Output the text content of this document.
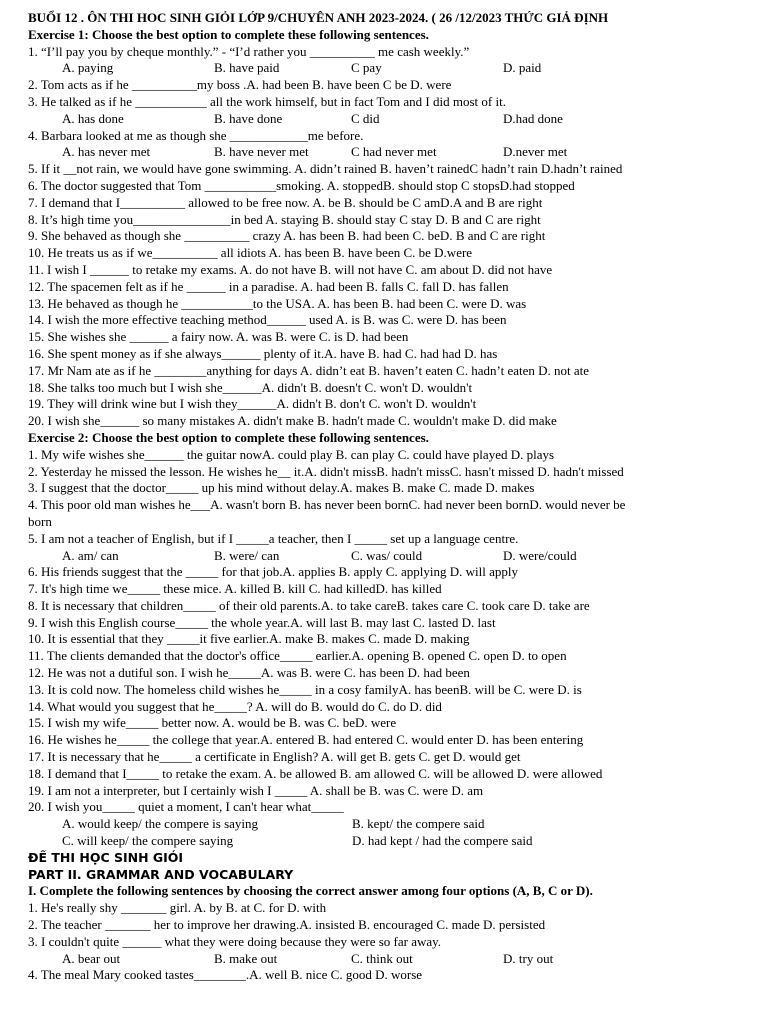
BUỔI 12 . ÔN THI HOC SINH GIỎI LỚP 9/CHUYÊN ANH 2023-2024. ( 26 /12/2023 THỨC GIẢ ĐỊNH
Exercise 1: Choose the best option to complete these following sentences.
1. “I’ll pay you by cheque monthly.” - “I’d rather you __________ me cash weekly.”
A. paying	B. have paid	C pay	D. paid
2. Tom acts as if he __________my boss .A. had been B. have been C be D. were
3. He talked as if he ___________ all the work himself, but in fact Tom and I did most of it.
A. has done	B. have done	C did	D.had done
4. Barbara looked at me as though she ____________me before.
A. has never met	B. have never met	C had never met	D.never met
5. If it __not rain, we would have gone swimming. A. didn’t rained B. haven’t rainedC hadn’t rain D.hadn’t rained
6. The doctor suggested that Tom ___________smoking. A. stoppedB. should stop C stopsD.had stopped
7. I demand that I__________ allowed to be free now. A. be B. should be C amD.A and B are right
8. It’s high time you_______________in bed A. staying B. should stay C stay D. B and C are right
9. She behaved as though she __________ crazy A. has been B. had been C. beD. B and C are right
10. He treats us as if we__________ all idiots A. has been B. have been C. be D.were
11. I wish I ______ to retake my exams. A. do not have B. will not have C. am about D. did not have
12. The spacemen felt as if he ______ in a paradise. A. had been B. falls C. fall D. has fallen
13. He behaved as though he ___________to the USA. A. has been B. had been C. were D. was
14. I wish the more effective teaching method______ used A. is B. was C. were D. has been
15. She wishes she ______ a fairy now. A. was B. were C. is D. had been
16. She spent money as if she always______ plenty of it.A. have B. had C. had had D. has
17. Mr Nam ate as if he ________anything for days A. didn’t eat B. haven’t eaten C. hadn’t eaten D. not ate
18. She talks too much but I wish she______A. didn't B. doesn't C. won't D. wouldn't
19. They will drink wine but I wish they______A. didn't B. don't C. won't D. wouldn't
20. I wish she______ so many mistakes A. didn't make B. hadn't made C. wouldn't make D. did make
Exercise 2: Choose the best option to complete these following sentences.
1. My wife wishes she______ the guitar nowA. could play B. can play C. could have played D. plays
2. Yesterday he missed the lesson. He wishes he__ it.A. didn't missB. hadn't missC. hasn't missed D. hadn't missed
3. I suggest that the doctor_____ up his mind without delay.A. makes B. make C. made D. makes
4. This poor old man wishes he___A. wasn't born B. has never been bornC. had never been bornD. would never be
born
5. I am not a teacher of English, but if I _____a teacher, then I _____ set up a language centre.
A. am/ can	B. were/ can	C. was/ could	D. were/could
6. His friends suggest that the _____ for that job.A. applies B. apply C. applying D. will apply
7. It's high time we_____ these mice. A. killed B. kill C. had killedD. has killed
8. It is necessary that children_____ of their old parents.A. to take careB. takes care C. took care D. take are
9. I wish this English course_____ the whole year.A. will last B. may last C. lasted D. last
10. It is essential that they _____it five earlier.A. make B. makes C. made D. making
11. The clients demanded that the doctor's office_____ earlier.A. opening B. opened C. open D. to open
12. He was not a dutiful son. I wish he_____A. was B. were C. has been D. had been
13. It is cold now. The homeless child wishes he_____ in a cosy familyA. has beenB. will be C. were D. is
14. What would you suggest that he_____? A. will do B. would do C. do D. did
15. I wish my wife_____ better now. A. would be B. was C. beD. were
16. He wishes he_____ the college that year.A. entered B. had entered C. would enter D. has been entering
17. It is necessary that he_____ a certificate in English? A. will get B. gets C. get D. would get
18. I demand that I_____ to retake the exam. A. be allowed B. am allowed C. will be allowed D. were allowed
19. I am not a interpreter, but I certainly wish I _____ A. shall be B. was C. were D. am
20. I wish you_____ quiet a moment, I can't hear what_____
A. would keep/ the compere is saying	B. kept/ the compere said
C. will keep/ the compere saying	D. had kept / had the compere said
ĐỀ THI HỌC SINH GIỎI
PART II. GRAMMAR AND VOCABULARY
I. Complete the following sentences by choosing the correct answer among four options (A, B, C or D).
1. He's really shy _______ girl. A. by B. at C. for D. with
2. The teacher _______ her to improve her drawing.A. insisted B. encouraged C. made D. persisted
3. I couldn't quite ______ what they were doing because they were so far away.
A. bear out	B. make out	C. think out	D. try out
4. The meal Mary cooked tastes________.A. well B. nice C. good D. worse
